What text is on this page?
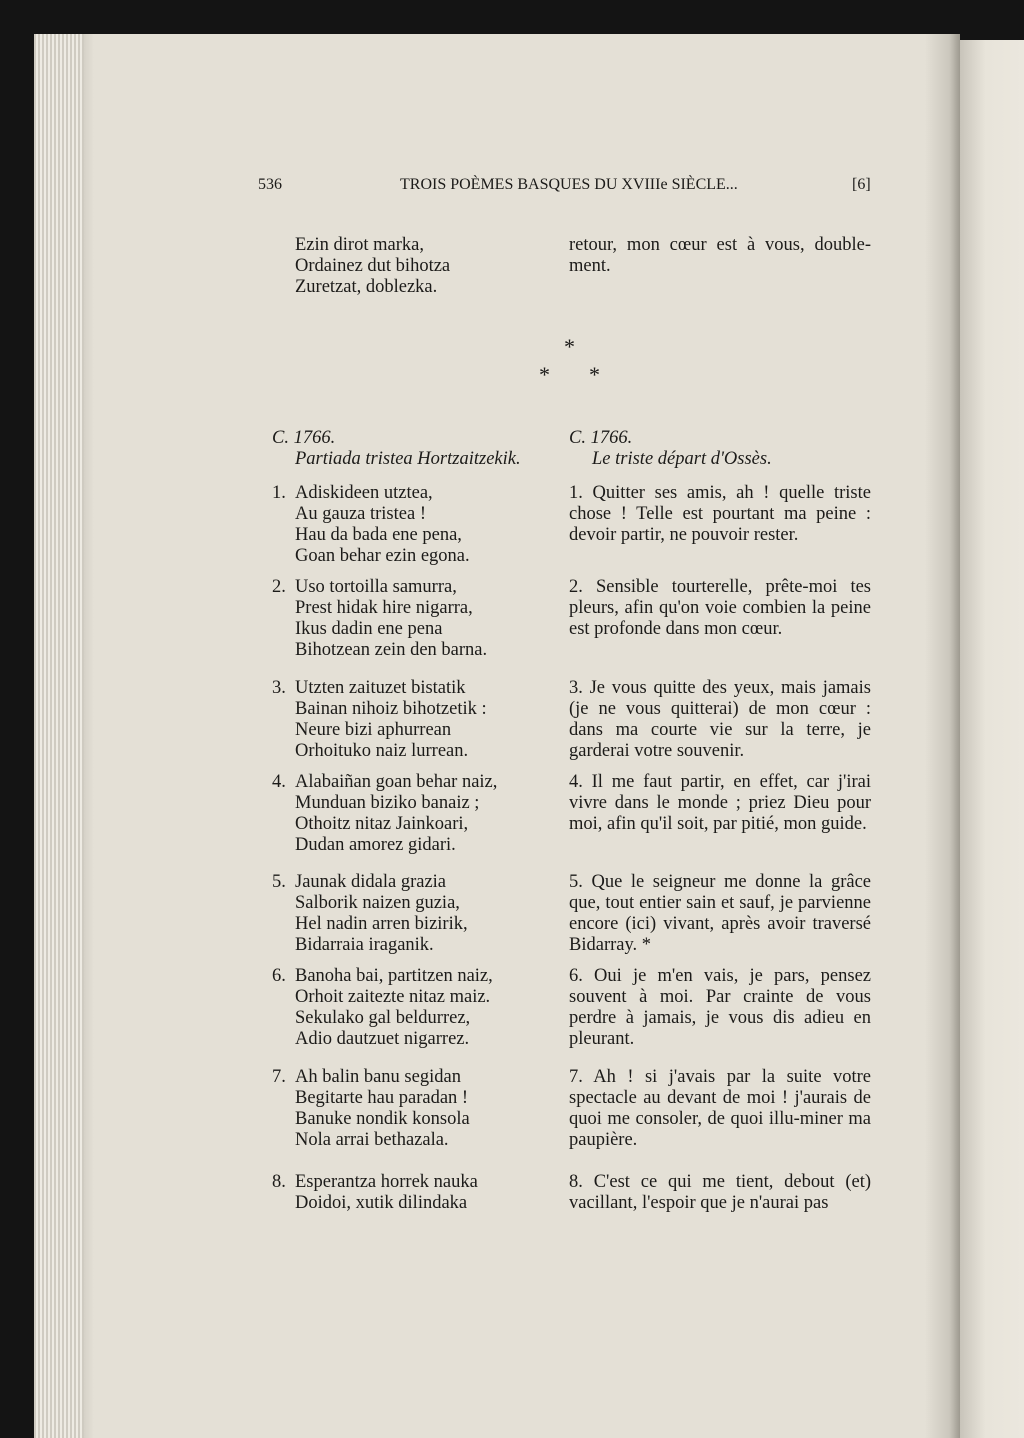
536	TROIS POÈMES BASQUES DU XVIIIe SIÈCLE...	[6]
Ezin dirot marka,
Ordainez dut bihotza
Zuretzat, doblezka.
retour, mon cœur est à vous, double-ment.
*
* *
C. 1766.
Partiada tristea Hortzaitzekik.
C. 1766.
Le triste départ d'Ossès.
1. Adiskideen utztea,
Au gauza tristea !
Hau da bada ene pena,
Goan behar ezin egona.
1. Quitter ses amis, ah ! quelle triste chose ! Telle est pourtant ma peine : devoir partir, ne pouvoir rester.
2. Uso tortoilla samurra,
Prest hidak hire nigarra,
Ikus dadin ene pena
Bihotzean zein den barna.
2. Sensible tourterelle, prête-moi tes pleurs, afin qu'on voie combien la peine est profonde dans mon cœur.
3. Utzten zaituzet bistatik
Bainan nihoiz bihotzetik :
Neure bizi aphurrean
Orhoituko naiz lurrean.
3. Je vous quitte des yeux, mais jamais (je ne vous quitterai) de mon cœur : dans ma courte vie sur la terre, je garderai votre souvenir.
4. Alabaiñan goan behar naiz,
Munduan biziko banaiz ;
Othoitz nitaz Jainkoari,
Dudan amorez gidari.
4. Il me faut partir, en effet, car j'irai vivre dans le monde ; priez Dieu pour moi, afin qu'il soit, par pitié, mon guide.
5. Jaunak didala grazia
Salborik naizen guzia,
Hel nadin arren bizirik,
Bidarraia iraganik.
5. Que le seigneur me donne la grâce que, tout entier sain et sauf, je parvienne encore (ici) vivant, après avoir traversé Bidarray. *
6. Banoha bai, partitzen naiz,
Orhoit zaitezte nitaz maiz.
Sekulako gal beldurrez,
Adio dautzuet nigarrez.
6. Oui je m'en vais, je pars, pensez souvent à moi. Par crainte de vous perdre à jamais, je vous dis adieu en pleurant.
7. Ah balin banu segidan
Begitarte hau paradan !
Banuke nondik konsola
Nola arrai bethazala.
7. Ah ! si j'avais par la suite votre spectacle au devant de moi ! j'aurais de quoi me consoler, de quoi illu-miner ma paupière.
8. Esperantza horrek nauka
Doidoi, xutik dilindaka
8. C'est ce qui me tient, debout (et) vacillant, l'espoir que je n'aurai pas
